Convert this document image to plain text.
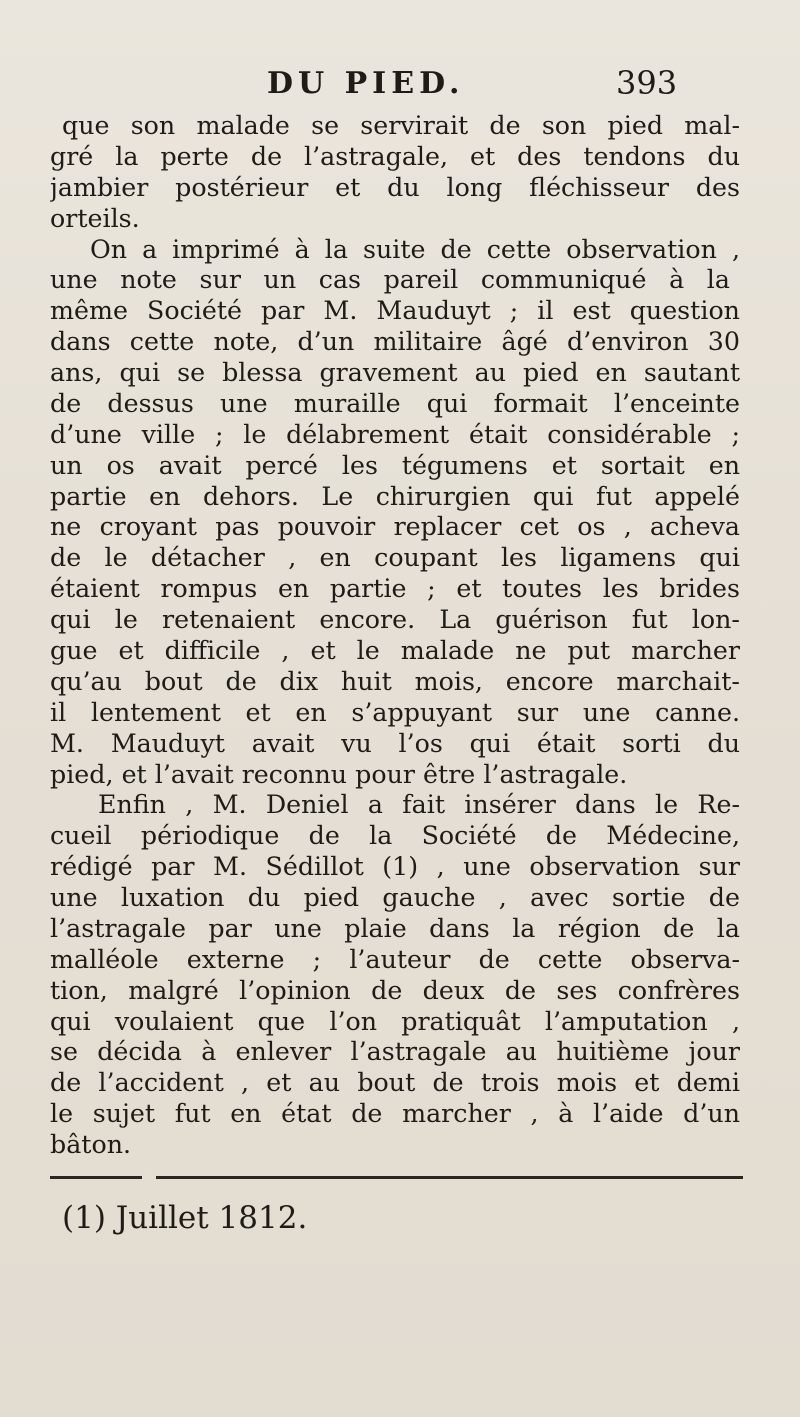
DU PIED.	393
que son malade se servirait de son pied mal-
gré la perte de l’astragale, et des tendons du
jambier postérieur et du long fléchisseur des
orteils.
On a imprimé à la suite de cette observation ,
une note sur un cas pareil communiqué à la
même Société par M. Mauduyt ; il est question
dans cette note, d’un militaire âgé d’environ 30
ans, qui se blessa gravement au pied en sautant
de dessus une muraille qui formait l’enceinte
d’une ville ; le délabrement était considérable ;
un os avait percé les tégumens et sortait en
partie en dehors. Le chirurgien qui fut appelé
ne croyant pas pouvoir replacer cet os , acheva
de le détacher , en coupant les ligamens qui
étaient rompus en partie ; et toutes les brides
qui le retenaient encore. La guérison fut lon-
gue et difficile , et le malade ne put marcher
qu’au bout de dix huit mois, encore marchait-
il lentement et en s’appuyant sur une canne.
M. Mauduyt avait vu l’os qui était sorti du
pied, et l’avait reconnu pour être l’astragale.
Enfin , M. Deniel a fait insérer dans le Re-
cueil périodique de la Société de Médecine,
rédigé par M. Sédillot (1) , une observation sur
une luxation du pied gauche , avec sortie de
l’astragale par une plaie dans la région de la
malléole externe ; l’auteur de cette observa-
tion, malgré l’opinion de deux de ses confrères
qui voulaient que l’on pratiquât l’amputation ,
se décida à enlever l’astragale au huitième jour
de l’accident , et au bout de trois mois et demi
le sujet fut en état de marcher , à l’aide d’un
bâton.
(1) Juillet 1812.
